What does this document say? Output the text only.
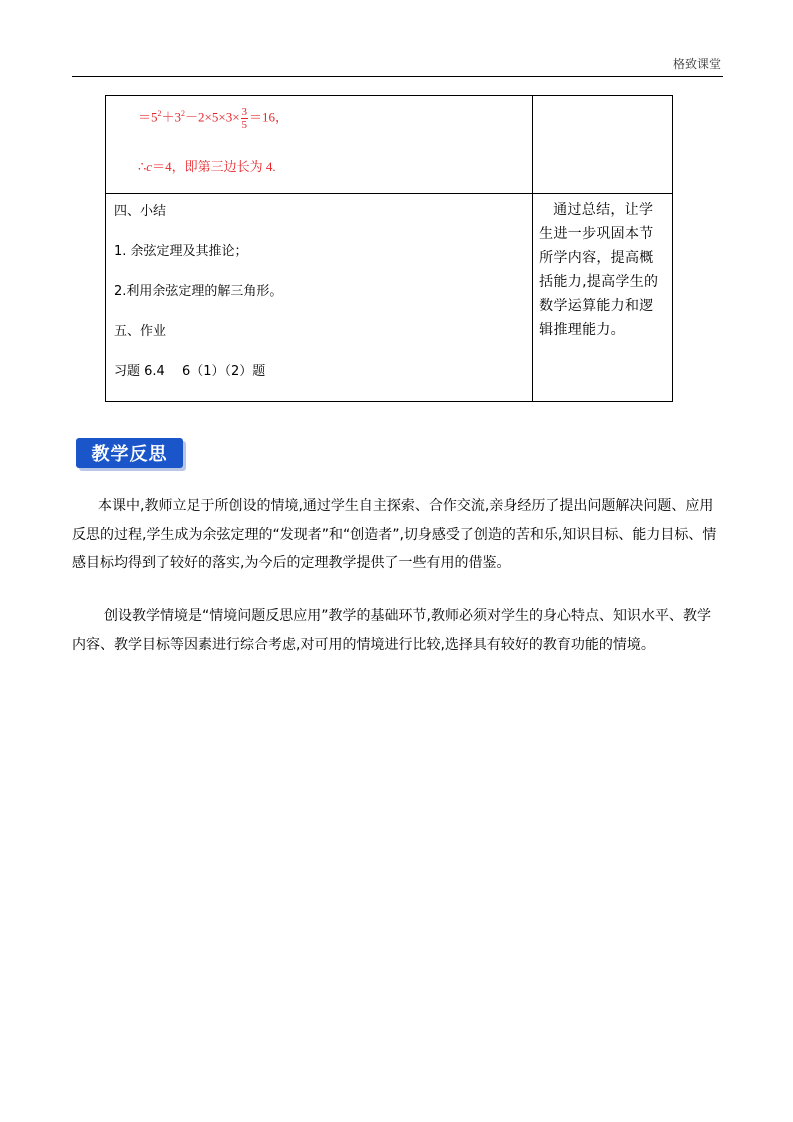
格致课堂
$=5^2+3^2-2\times 5\times 3\times \frac{3}{5} =16$，
∴c＝4，即第三边长为 4.	

四、小结
1. 余弦定理及其推论；
2.利用余弦定理的解三角形。
五、作业
习题 6.4　 6（1）（2）题	通过总结，让学生进一步巩固本节所学内容，提高概括能力,提高学生的数学运算能力和逻辑推理能力。
教学反思

本课中,教师立足于所创设的情境,通过学生自主探索、合作交流,亲身经历了提出问题解决问题、应用反思的过程,学生成为余弦定理的“发现者”和“创造者”,切身感受了创造的苦和乐,知识目标、能力目标、情感目标均得到了较好的落实,为今后的定理教学提供了一些有用的借鉴。

创设教学情境是“情境问题反思应用”教学的基础环节,教师必须对学生的身心特点、知识水平、教学内容、教学目标等因素进行综合考虑,对可用的情境进行比较,选择具有较好的教育功能的情境。
